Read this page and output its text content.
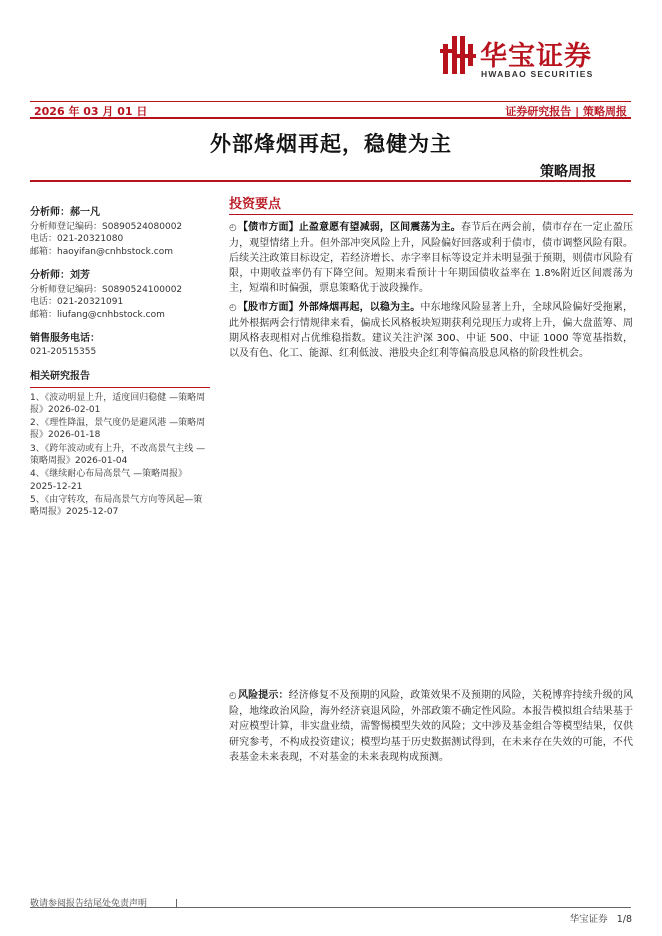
华宝证券
HWABAO SECURITIES
2026 年 03 月 01 日	证券研究报告 | 策略周报
外部烽烟再起，稳健为主
策略周报
分析师：郝一凡
分析师登记编码：S0890524080002
电话：021-20321080
邮箱：haoyifan@cnhbstock.com
分析师：刘芳
分析师登记编码：S0890524100002
电话：021-20321091
邮箱：liufang@cnhbstock.com
销售服务电话：
021-20515355
相关研究报告
1、《波动明显上升，适度回归稳健 —策略周报》2026-02-01
2、《理性降温，景气度仍是避风港 —策略周报》2026-01-18
3、《跨年波动或有上升，不改高景气主线 —策略周报》2026-01-04
4、《继续耐心布局高景气 —策略周报》2025-12-21
5、《由守转攻，布局高景气方向等风起—策略周报》2025-12-07
投资要点
◴【债市方面】止盈意愿有望减弱，区间震荡为主。春节后在两会前，债市存在一定止盈压力，观望情绪上升。但外部冲突风险上升，风险偏好回落或利于债市，债市调整风险有限。后续关注政策目标设定，若经济增长、赤字率目标等设定并未明显强于预期，则债市风险有限，中期收益率仍有下降空间。短期来看预计十年期国债收益率在 1.8%附近区间震荡为主，短端和时偏强，票息策略优于波段操作。
◴【股市方面】外部烽烟再起，以稳为主。中东地缘风险显著上升，全球风险偏好受拖累，此外根据两会行情规律来看，偏成长风格板块短期获利兑现压力或将上升，偏大盘蓝筹、周期风格表现相对占优维稳指数。建议关注沪深 300、中证 500、中证 1000 等宽基指数，以及有色、化工、能源、红利低波、港股央企红利等偏高股息风格的阶段性机会。
◴风险提示：经济修复不及预期的风险，政策效果不及预期的风险，关税博弈持续升级的风险，地缘政治风险，海外经济衰退风险，外部政策不确定性风险。本报告模拟组合结果基于对应模型计算，非实盘业绩，需警惕模型失效的风险；文中涉及基金组合等模型结果，仅供研究参考，不构成投资建议；模型均基于历史数据测试得到，在未来存在失效的可能，不代表基金未来表现，不对基金的未来表现构成预测。
敬请参阅报告结尾处免责声明
华宝证券 1/8
